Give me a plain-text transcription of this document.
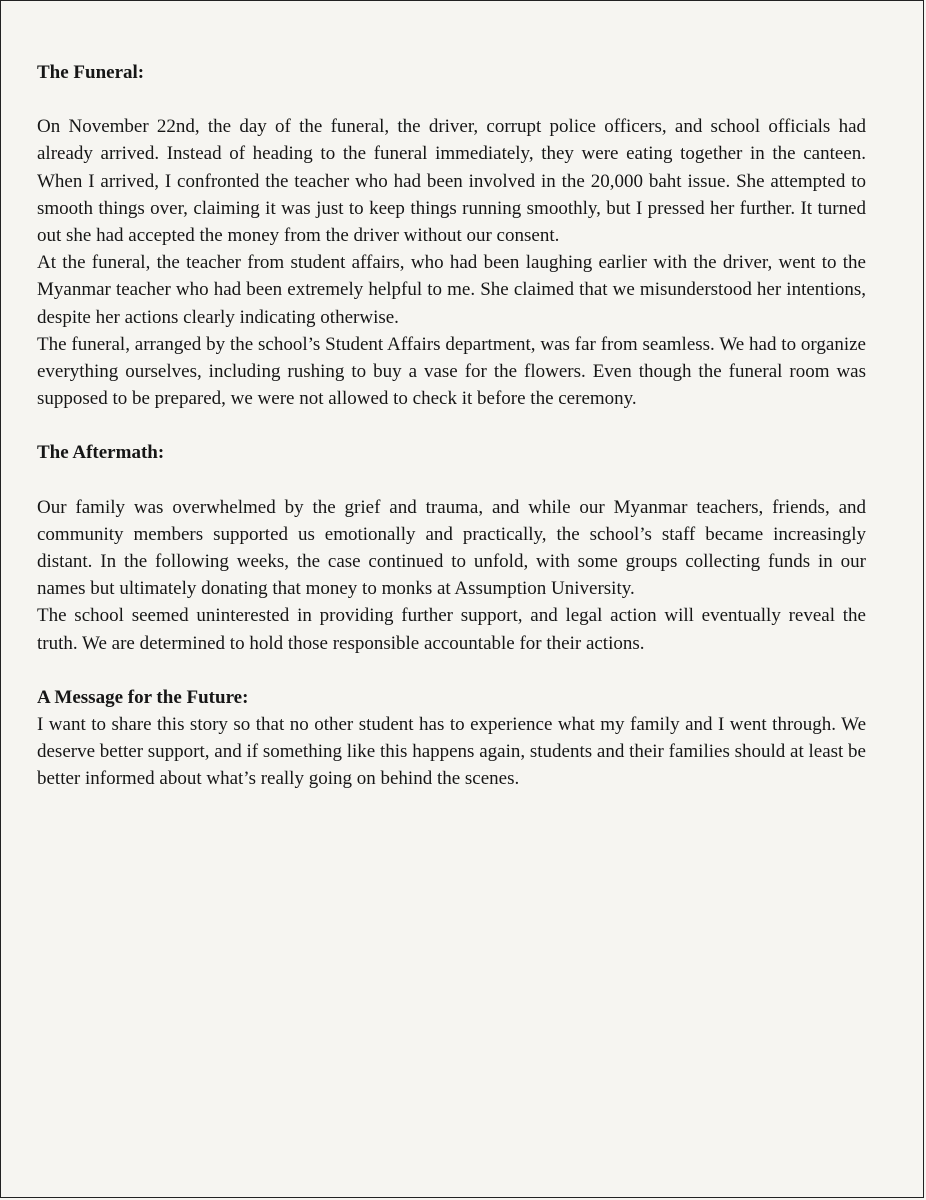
The Funeral:

On November 22nd, the day of the funeral, the driver, corrupt police officers, and school officials had already arrived. Instead of heading to the funeral immediately, they were eating together in the canteen. When I arrived, I confronted the teacher who had been involved in the 20,000 baht issue. She attempted to smooth things over, claiming it was just to keep things running smoothly, but I pressed her further. It turned out she had accepted the money from the driver without our consent.

At the funeral, the teacher from student affairs, who had been laughing earlier with the driver, went to the Myanmar teacher who had been extremely helpful to me. She claimed that we misunderstood her intentions, despite her actions clearly indicating otherwise.

The funeral, arranged by the school’s Student Affairs department, was far from seamless. We had to organize everything ourselves, including rushing to buy a vase for the flowers. Even though the funeral room was supposed to be prepared, we were not allowed to check it before the ceremony.

The Aftermath:

Our family was overwhelmed by the grief and trauma, and while our Myanmar teachers, friends, and community members supported us emotionally and practically, the school’s staff became increasingly distant. In the following weeks, the case continued to unfold, with some groups collecting funds in our names but ultimately donating that money to monks at Assumption University.

The school seemed uninterested in providing further support, and legal action will eventually reveal the truth. We are determined to hold those responsible accountable for their actions.

A Message for the Future:

I want to share this story so that no other student has to experience what my family and I went through. We deserve better support, and if something like this happens again, students and their families should at least be better informed about what’s really going on behind the scenes.
